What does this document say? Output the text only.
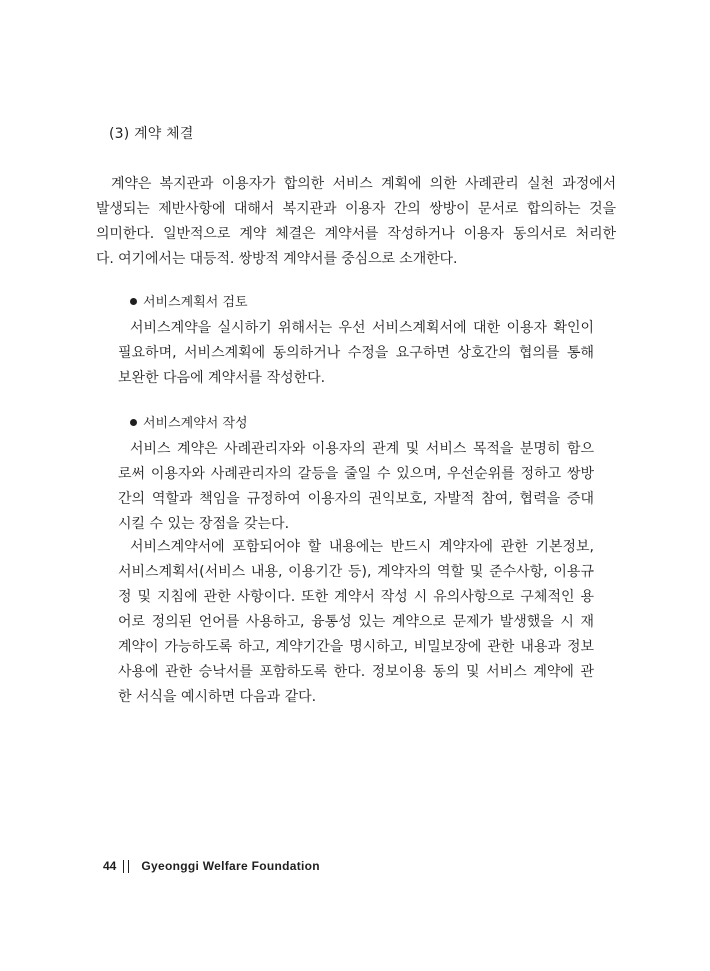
(3) 계약 체결

계약은 복지관과 이용자가 합의한 서비스 계획에 의한 사례관리 실천 과정에서
발생되는 제반사항에 대해서 복지관과 이용자 간의 쌍방이 문서로 합의하는 것을
의미한다. 일반적으로 계약 체결은 계약서를 작성하거나 이용자 동의서로 처리한
다. 여기에서는 대등적. 쌍방적 계약서를 중심으로 소개한다.

서비스계획서 검토

서비스계약을 실시하기 위해서는 우선 서비스계획서에 대한 이용자 확인이
필요하며, 서비스계획에 동의하거나 수정을 요구하면 상호간의 협의를 통해
보완한 다음에 계약서를 작성한다.

서비스계약서 작성

서비스 계약은 사례관리자와 이용자의 관계 및 서비스 목적을 분명히 함으
로써 이용자와 사례관리자의 갈등을 줄일 수 있으며, 우선순위를 정하고 쌍방
간의 역할과 책임을 규정하여 이용자의 권익보호, 자발적 참여, 협력을 증대
시킬 수 있는 장점을 갖는다.

서비스계약서에 포함되어야 할 내용에는 반드시 계약자에 관한 기본정보,
서비스계획서(서비스 내용, 이용기간 등), 계약자의 역할 및 준수사항, 이용규
정 및 지침에 관한 사항이다. 또한 계약서 작성 시 유의사항으로 구체적인 용
어로 정의된 언어를 사용하고, 융통성 있는 계약으로 문제가 발생했을 시 재
계약이 가능하도록 하고, 계약기간을 명시하고, 비밀보장에 관한 내용과 정보
사용에 관한 승낙서를 포함하도록 한다. 정보이용 동의 및 서비스 계약에 관
한 서식을 예시하면 다음과 같다.

44 Gyeonggi Welfare Foundation
